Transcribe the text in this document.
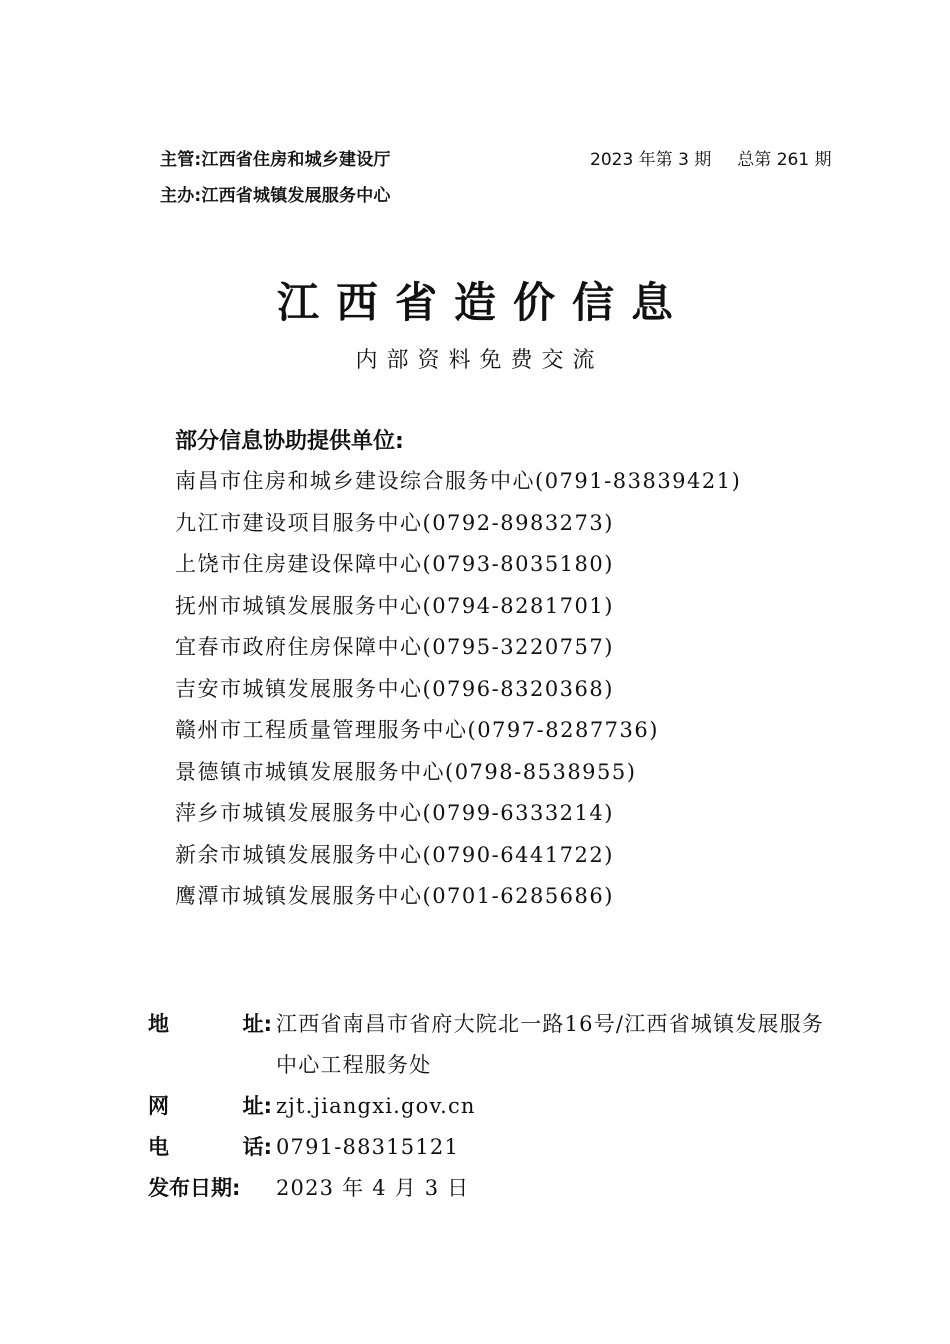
主管:江西省住房和城乡建设厅
主办:江西省城镇发展服务中心
2023 年第 3 期 总第 261 期
江西省造价信息
内部资料免费交流
部分信息协助提供单位:
南昌市住房和城乡建设综合服务中心(0791-83839421)
九江市建设项目服务中心(0792-8983273)
上饶市住房建设保障中心(0793-8035180)
抚州市城镇发展服务中心(0794-8281701)
宜春市政府住房保障中心(0795-3220757)
吉安市城镇发展服务中心(0796-8320368)
赣州市工程质量管理服务中心(0797-8287736)
景德镇市城镇发展服务中心(0798-8538955)
萍乡市城镇发展服务中心(0799-6333214)
新余市城镇发展服务中心(0790-6441722)
鹰潭市城镇发展服务中心(0701-6285686)
地	址: 江西省南昌市省府大院北一路16号/江西省城镇发展服务中心工程服务处
网	址: zjt.jiangxi.gov.cn
电	话: 0791-88315121
发布日期: 2023 年 4 月 3 日
